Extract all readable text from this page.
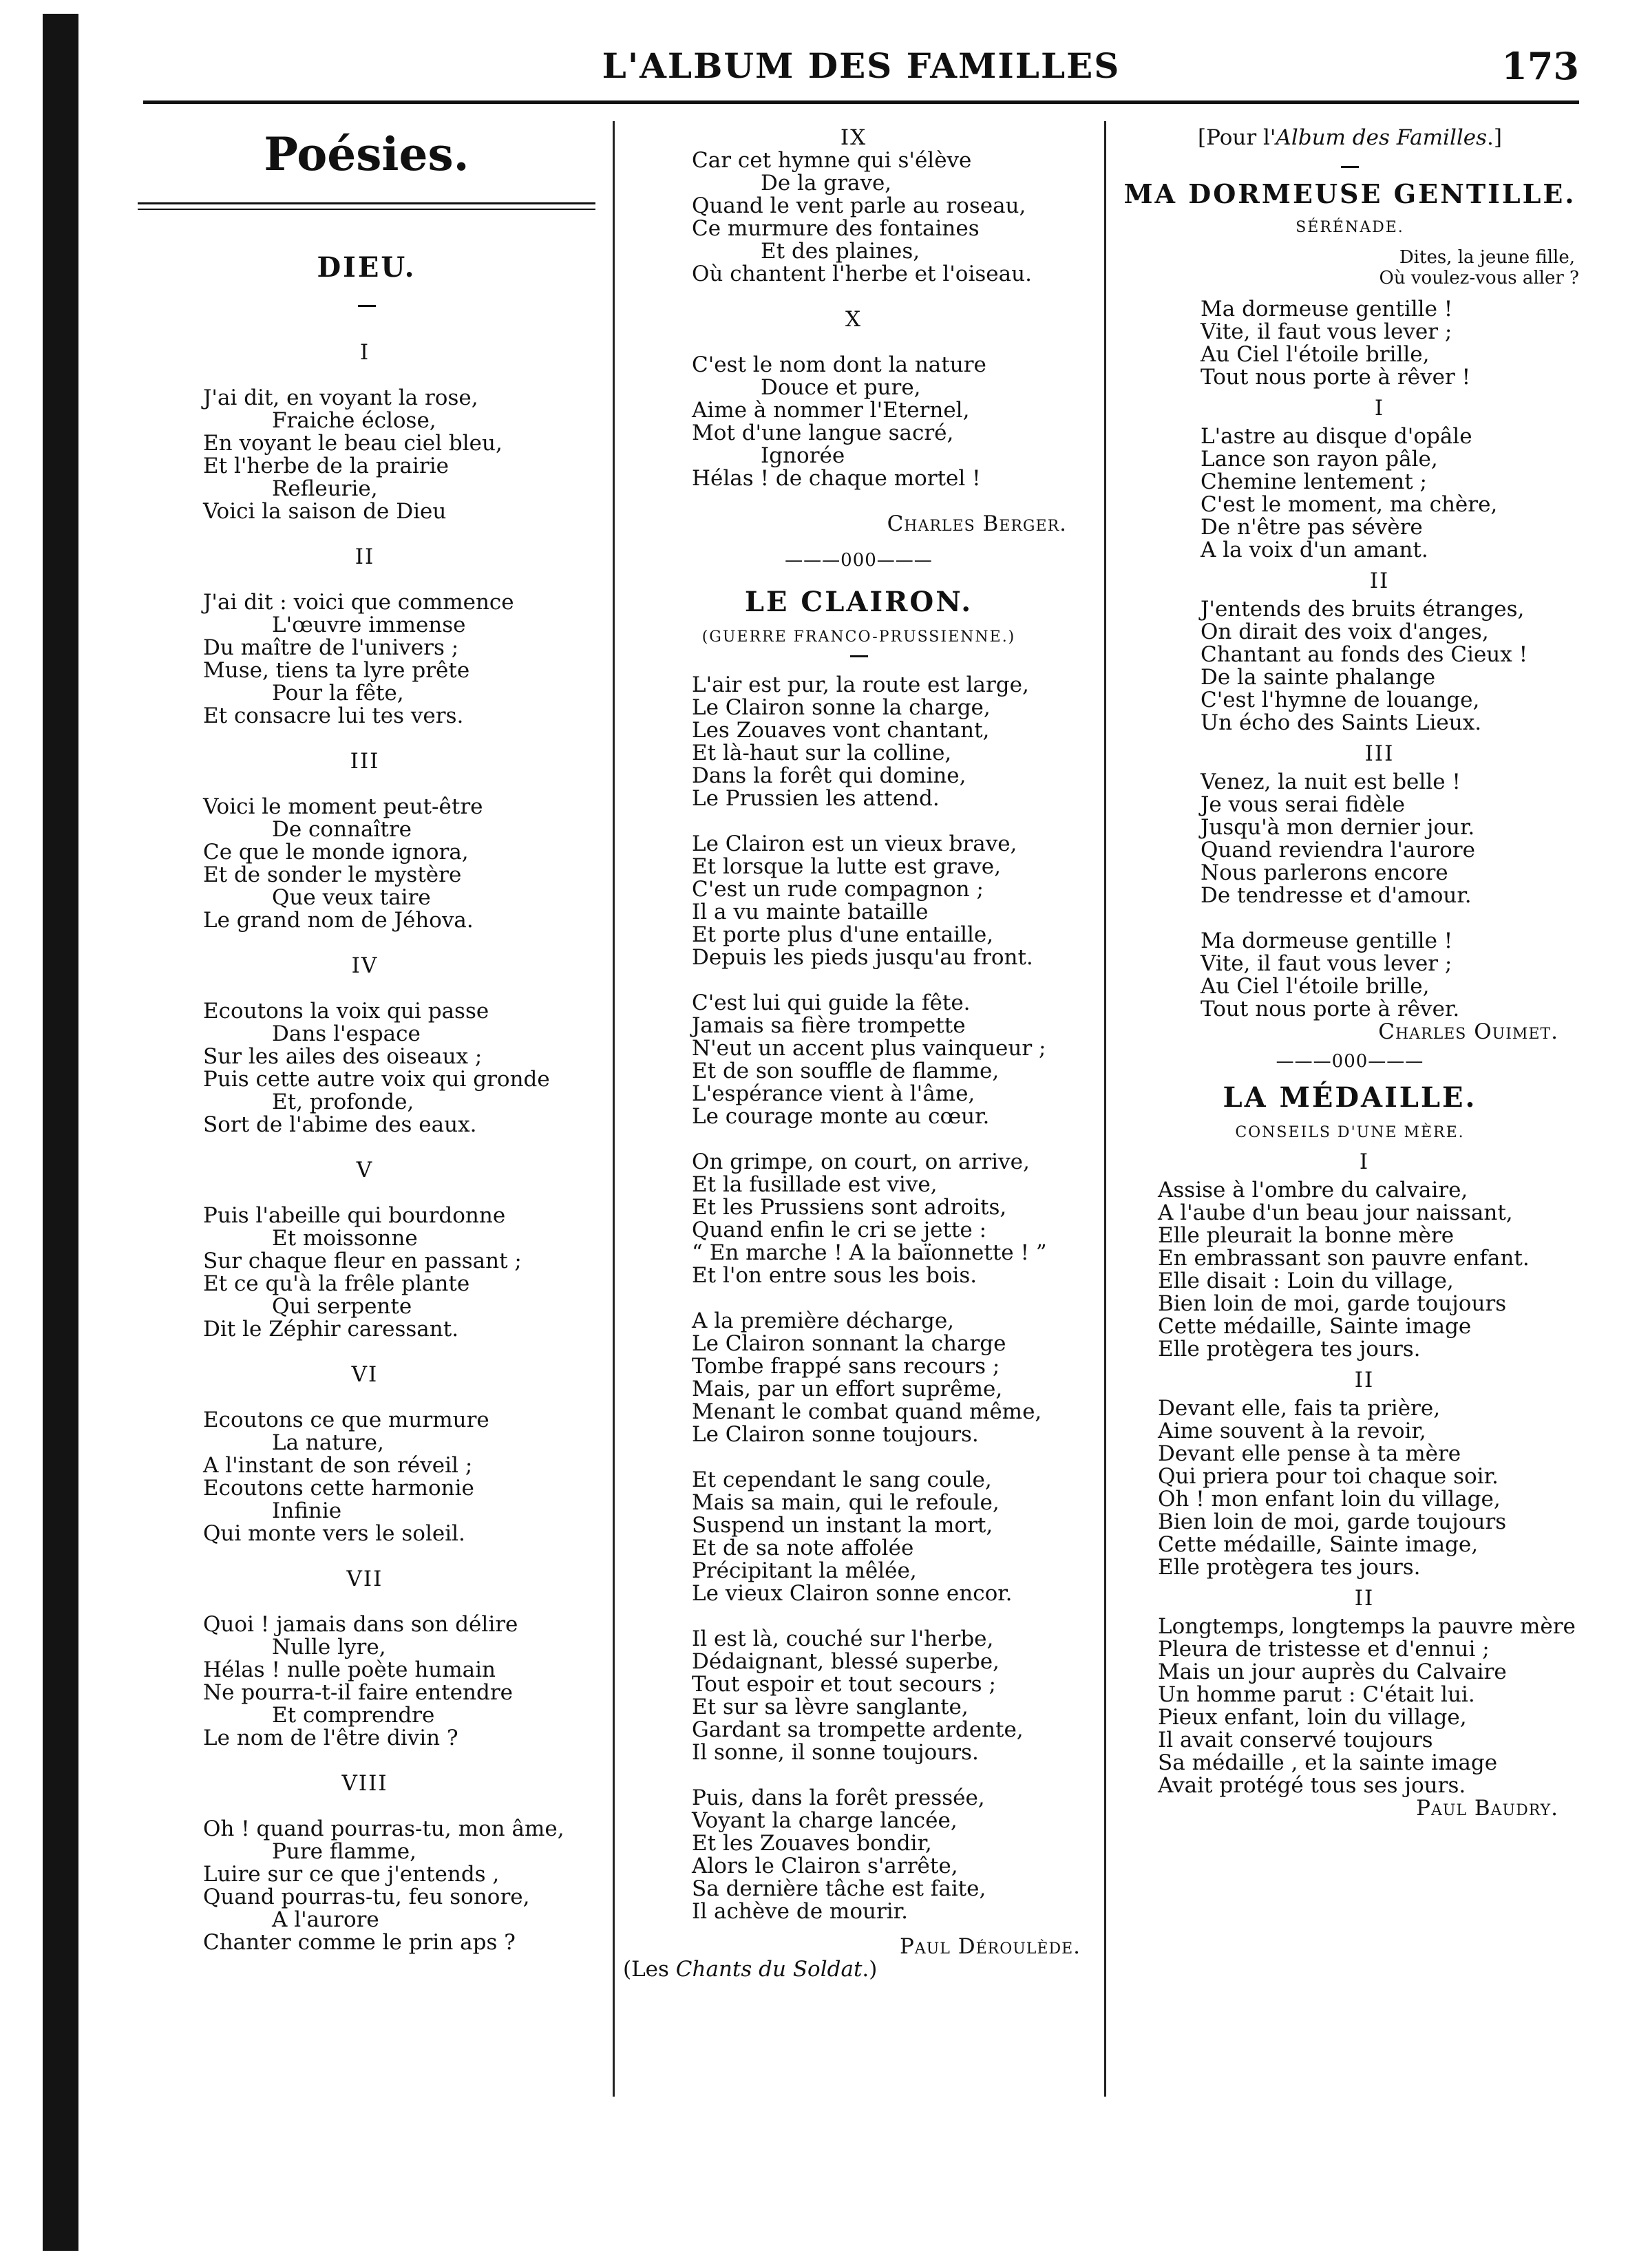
L'ALBUM DES FAMILLES	173
Poésies.
DIEU.
I
J'ai dit, en voyant la rose,
Fraiche éclose,
En voyant le beau ciel bleu,
Et l'herbe de la prairie
Refleurie,
Voici la saison de Dieu
II
J'ai dit : voici que commence
L'œuvre immense
Du maître de l'univers ;
Muse, tiens ta lyre prête
Pour la fête,
Et consacre lui tes vers.
III
Voici le moment peut-être
De connaître
Ce que le monde ignora,
Et de sonder le mystère
Que veux taire
Le grand nom de Jéhova.
IV
Ecoutons la voix qui passe
Dans l'espace
Sur les ailes des oiseaux ;
Puis cette autre voix qui gronde
Et, profonde,
Sort de l'abime des eaux.
V
Puis l'abeille qui bourdonne
Et moissonne
Sur chaque fleur en passant ;
Et ce qu'à la frêle plante
Qui serpente
Dit le Zéphir caressant.
VI
Ecoutons ce que murmure
La nature,
A l'instant de son réveil ;
Ecoutons cette harmonie
Infinie
Qui monte vers le soleil.
VII
Quoi ! jamais dans son délire
Nulle lyre,
Hélas ! nulle poète humain
Ne pourra-t-il faire entendre
Et comprendre
Le nom de l'être divin ?
VIII
Oh ! quand pourras-tu, mon âme,
Pure flamme,
Luire sur ce que j'entends ,
Quand pourras-tu, feu sonore,
A l'aurore
Chanter comme le prin aps ?
IX
Car cet hymne qui s'élève
De la grave,
Quand le vent parle au roseau,
Ce murmure des fontaines
Et des plaines,
Où chantent l'herbe et l'oiseau.
X
C'est le nom dont la nature
Douce et pure,
Aime à nommer l'Eternel,
Mot d'une langue sacré,
Ignorée
Hélas ! de chaque mortel !
Charles Berger.
———000———
LE CLAIRON.
(GUERRE FRANCO-PRUSSIENNE.)
L'air est pur, la route est large,
Le Clairon sonne la charge,
Les Zouaves vont chantant,
Et là-haut sur la colline,
Dans la forêt qui domine,
Le Prussien les attend.
Le Clairon est un vieux brave,
Et lorsque la lutte est grave,
C'est un rude compagnon ;
Il a vu mainte bataille
Et porte plus d'une entaille,
Depuis les pieds jusqu'au front.
C'est lui qui guide la fête.
Jamais sa fière trompette
N'eut un accent plus vainqueur ;
Et de son souffle de flamme,
L'espérance vient à l'âme,
Le courage monte au cœur.
On grimpe, on court, on arrive,
Et la fusillade est vive,
Et les Prussiens sont adroits,
Quand enfin le cri se jette :
“ En marche ! A la baïonnette ! ”
Et l'on entre sous les bois.
A la première décharge,
Le Clairon sonnant la charge
Tombe frappé sans recours ;
Mais, par un effort suprême,
Menant le combat quand même,
Le Clairon sonne toujours.
Et cependant le sang coule,
Mais sa main, qui le refoule,
Suspend un instant la mort,
Et de sa note affolée
Précipitant la mêlée,
Le vieux Clairon sonne encor.
Il est là, couché sur l'herbe,
Dédaignant, blessé superbe,
Tout espoir et tout secours ;
Et sur sa lèvre sanglante,
Gardant sa trompette ardente,
Il sonne, il sonne toujours.
Puis, dans la forêt pressée,
Voyant la charge lancée,
Et les Zouaves bondir,
Alors le Clairon s'arrête,
Sa dernière tâche est faite,
Il achève de mourir.
Paul Déroulède.
(Les Chants du Soldat.)
[Pour l'Album des Familles.]
MA DORMEUSE GENTILLE.
SÉRÉNADE.
Dites, la jeune fille,
Où voulez-vous aller ?
Ma dormeuse gentille !
Vite, il faut vous lever ;
Au Ciel l'étoile brille,
Tout nous porte à rêver !
I
L'astre au disque d'opâle
Lance son rayon pâle,
Chemine lentement ;
C'est le moment, ma chère,
De n'être pas sévère
A la voix d'un amant.
II
J'entends des bruits étranges,
On dirait des voix d'anges,
Chantant au fonds des Cieux !
De la sainte phalange
C'est l'hymne de louange,
Un écho des Saints Lieux.
III
Venez, la nuit est belle !
Je vous serai fidèle
Jusqu'à mon dernier jour.
Quand reviendra l'aurore
Nous parlerons encore
De tendresse et d'amour.
Ma dormeuse gentille !
Vite, il faut vous lever ;
Au Ciel l'étoile brille,
Tout nous porte à rêver.
Charles Ouimet.
———000———
LA MÉDAILLE.
CONSEILS D'UNE MÈRE.
I
Assise à l'ombre du calvaire,
A l'aube d'un beau jour naissant,
Elle pleurait la bonne mère
En embrassant son pauvre enfant.
Elle disait : Loin du village,
Bien loin de moi, garde toujours
Cette médaille, Sainte image
Elle protègera tes jours.
II
Devant elle, fais ta prière,
Aime souvent à la revoir,
Devant elle pense à ta mère
Qui priera pour toi chaque soir.
Oh ! mon enfant loin du village,
Bien loin de moi, garde toujours
Cette médaille, Sainte image,
Elle protègera tes jours.
II
Longtemps, longtemps la pauvre mère
Pleura de tristesse et d'ennui ;
Mais un jour auprès du Calvaire
Un homme parut : C'était lui.
Pieux enfant, loin du village,
Il avait conservé toujours
Sa médaille , et la sainte image
Avait protégé tous ses jours.
Paul Baudry.
